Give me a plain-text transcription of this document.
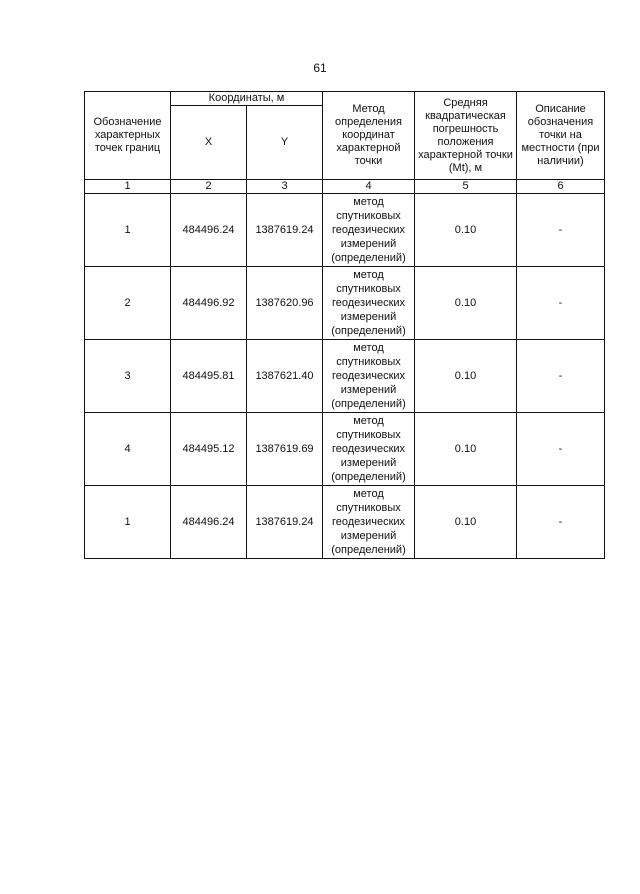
61
Обозначение характерных точек границ	Координаты, м		Метод определения координат характерной точки	Средняя квадратическая погрешность положения характерной точки (Mt), м	Описание обозначения точки на местности (при наличии)
	X	Y			
1	2	3	4	5	6
1	484496.24	1387619.24	метод спутниковых геодезических измерений (определений)	0.10	-
2	484496.92	1387620.96	метод спутниковых геодезических измерений (определений)	0.10	-
3	484495.81	1387621.40	метод спутниковых геодезических измерений (определений)	0.10	-
4	484495.12	1387619.69	метод спутниковых геодезических измерений (определений)	0.10	-
1	484496.24	1387619.24	метод спутниковых геодезических измерений (определений)	0.10	-
